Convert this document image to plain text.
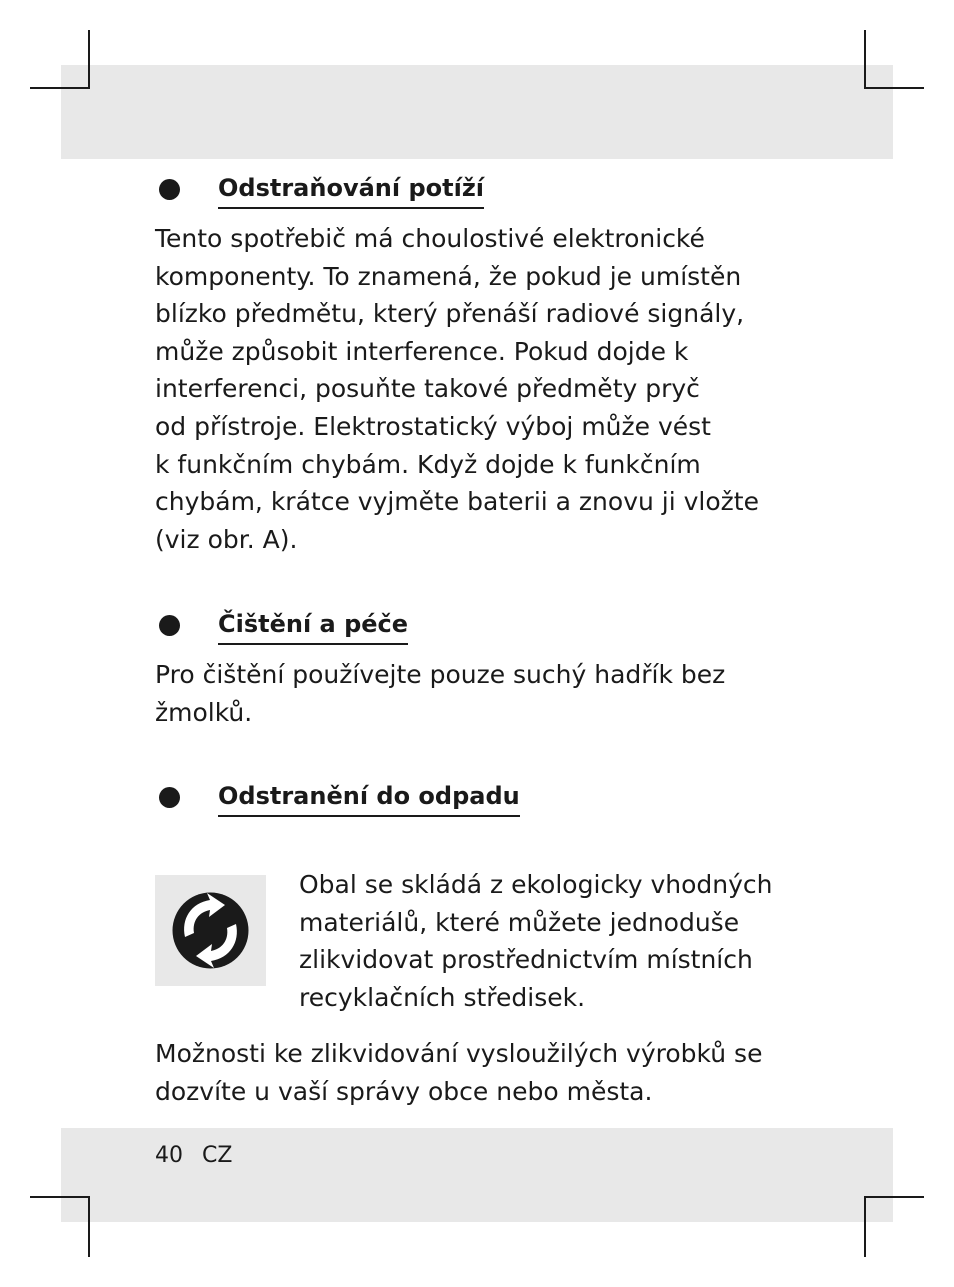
Odstraňování potíží

Tento spotřebič má choulostivé elektronické
komponenty. To znamená, že pokud je umístěn
blízko předmětu, který přenáší radiové signály,
může způsobit interference. Pokud dojde k
interferenci, posuňte takové předměty pryč
od přístroje. Elektrostatický výboj může vést
k funkčním chybám. Když dojde k funkčním
chybám, krátce vyjměte baterii a znovu ji vložte
(viz obr. A).

Čištění a péče

Pro čištění používejte pouze suchý hadřík bez
žmolků.

Odstranění do odpadu

Obal se skládá z ekologicky vhodných
materiálů, které můžete jednoduše
zlikvidovat prostřednictvím místních
recyklačních středisek.

Možnosti ke zlikvidování vysloužilých výrobků se
dozvíte u vaší správy obce nebo města.

40 CZ
